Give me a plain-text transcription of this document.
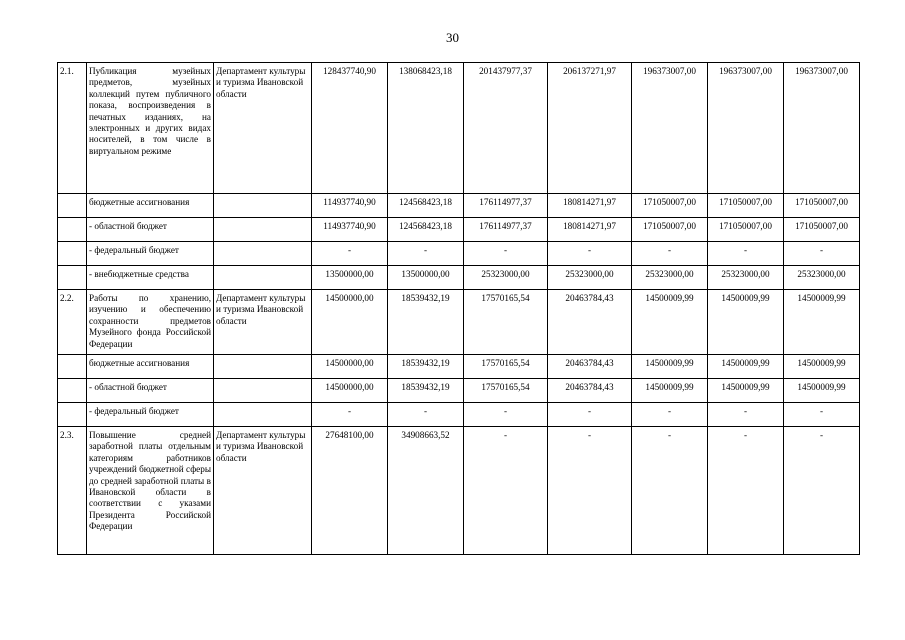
30
2.1.	Публикация музейных предметов, музейных коллекций путем публичного показа, воспроизведения в печатных изданиях, на электронных и других видах носителей, в том числе в виртуальном режиме	Департамент культуры и туризма Ивановской области	128437740,90	138068423,18	201437977,37	206137271,97	196373007,00	196373007,00	196373007,00
	бюджетные ассигнования		114937740,90	124568423,18	176114977,37	180814271,97	171050007,00	171050007,00	171050007,00
	- областной бюджет		114937740,90	124568423,18	176114977,37	180814271,97	171050007,00	171050007,00	171050007,00
	- федеральный бюджет		-	-	-	-	-	-	-
	- внебюджетные средства		13500000,00	13500000,00	25323000,00	25323000,00	25323000,00	25323000,00	25323000,00
2.2.	Работы по хранению, изучению и обеспечению сохранности предметов Музейного фонда Российской Федерации	Департамент культуры и туризма Ивановской области	14500000,00	18539432,19	17570165,54	20463784,43	14500009,99	14500009,99	14500009,99
	бюджетные ассигнования		14500000,00	18539432,19	17570165,54	20463784,43	14500009,99	14500009,99	14500009,99
	- областной бюджет		14500000,00	18539432,19	17570165,54	20463784,43	14500009,99	14500009,99	14500009,99
	- федеральный бюджет		-	-	-	-	-	-	-
2.3.	Повышение средней заработной платы отдельным категориям работников учреждений бюджетной сферы до средней заработной платы в Ивановской области в соответствии с указами Президента Российской Федерации	Департамент культуры и туризма Ивановской области	27648100,00	34908663,52	-	-	-	-	-
